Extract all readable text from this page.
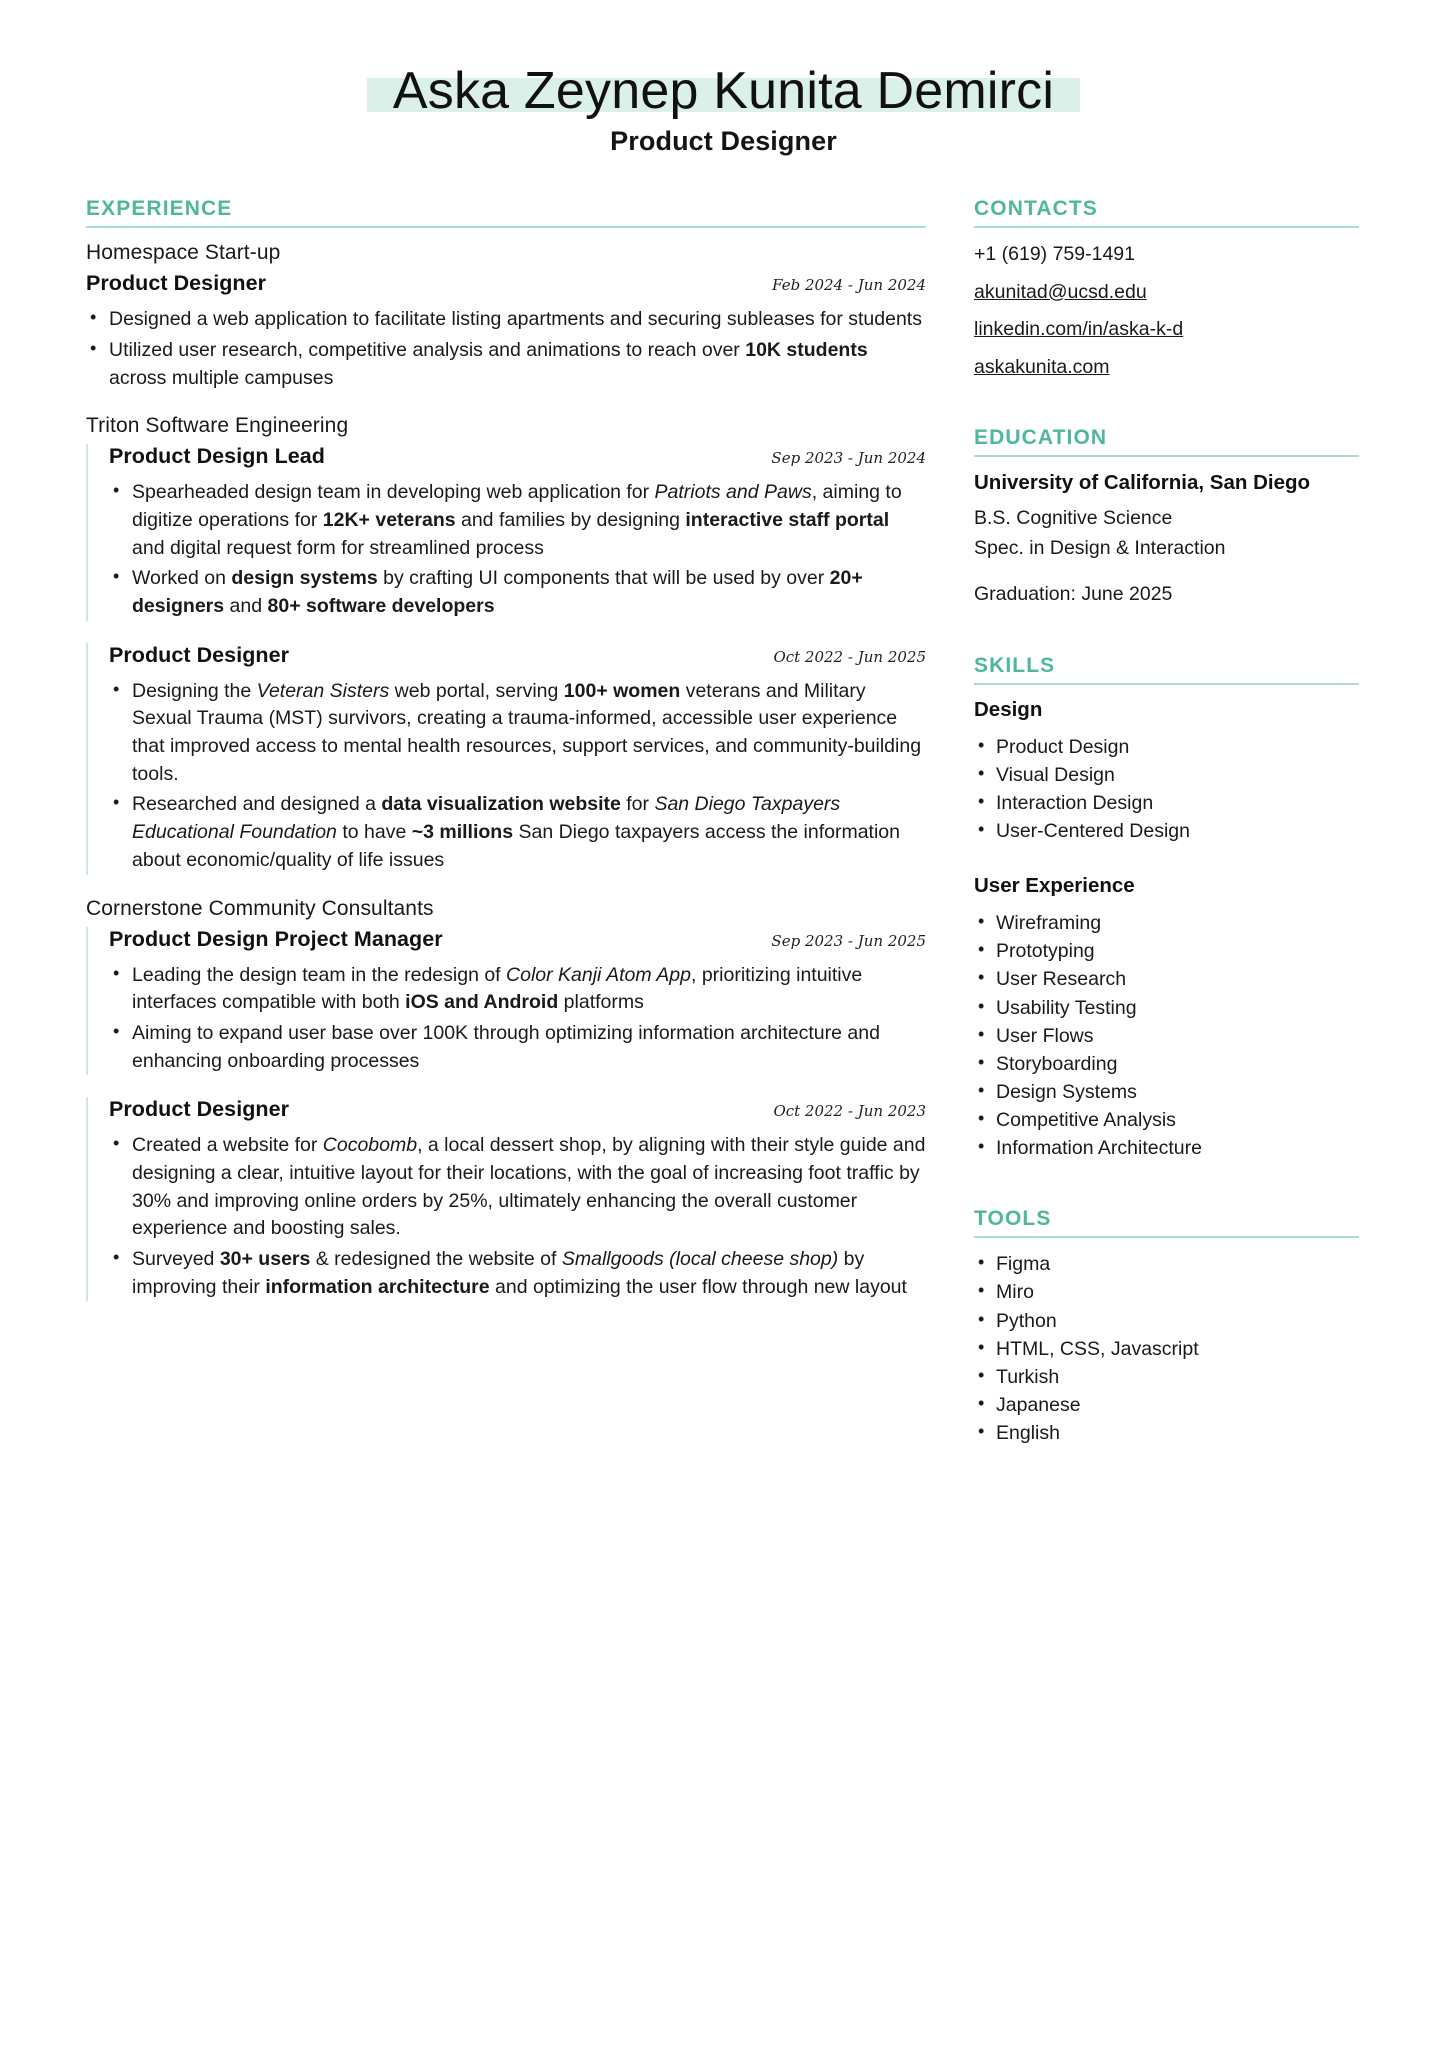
Aska Zeynep Kunita Demirci
Product Designer
EXPERIENCE
Homespace Start-up
Product Designer	Feb 2024 - Jun 2024
• Designed a web application to facilitate listing apartments and securing subleases for students
• Utilized user research, competitive analysis and animations to reach over 10K students across multiple campuses
Triton Software Engineering
Product Design Lead	Sep 2023 - Jun 2024
• Spearheaded design team in developing web application for Patriots and Paws, aiming to digitize operations for 12K+ veterans and families by designing interactive staff portal and digital request form for streamlined process
• Worked on design systems by crafting UI components that will be used by over 20+ designers and 80+ software developers
Product Designer	Oct 2022 - Jun 2025
• Designing the Veteran Sisters web portal, serving 100+ women veterans and Military Sexual Trauma (MST) survivors, creating a trauma-informed, accessible user experience that improved access to mental health resources, support services, and community-building tools.
• Researched and designed a data visualization website for San Diego Taxpayers Educational Foundation to have ~3 millions San Diego taxpayers access the information about economic/quality of life issues
Cornerstone Community Consultants
Product Design Project Manager	Sep 2023 - Jun 2025
• Leading the design team in the redesign of Color Kanji Atom App, prioritizing intuitive interfaces compatible with both iOS and Android platforms
• Aiming to expand user base over 100K through optimizing information architecture and enhancing onboarding processes
Product Designer	Oct 2022 - Jun 2023
• Created a website for Cocobomb, a local dessert shop, by aligning with their style guide and designing a clear, intuitive layout for their locations, with the goal of increasing foot traffic by 30% and improving online orders by 25%, ultimately enhancing the overall customer experience and boosting sales.
• Surveyed 30+ users & redesigned the website of Smallgoods (local cheese shop) by improving their information architecture and optimizing the user flow through new layout
CONTACTS
+1 (619) 759-1491
akunitad@ucsd.edu
linkedin.com/in/aska-k-d
askakunita.com
EDUCATION
University of California, San Diego
B.S. Cognitive Science
Spec. in Design & Interaction
Graduation: June 2025
SKILLS
Design
• Product Design
• Visual Design
• Interaction Design
• User-Centered Design
User Experience
• Wireframing
• Prototyping
• User Research
• Usability Testing
• User Flows
• Storyboarding
• Design Systems
• Competitive Analysis
• Information Architecture
TOOLS
• Figma
• Miro
• Python
• HTML, CSS, Javascript
• Turkish
• Japanese
• English
